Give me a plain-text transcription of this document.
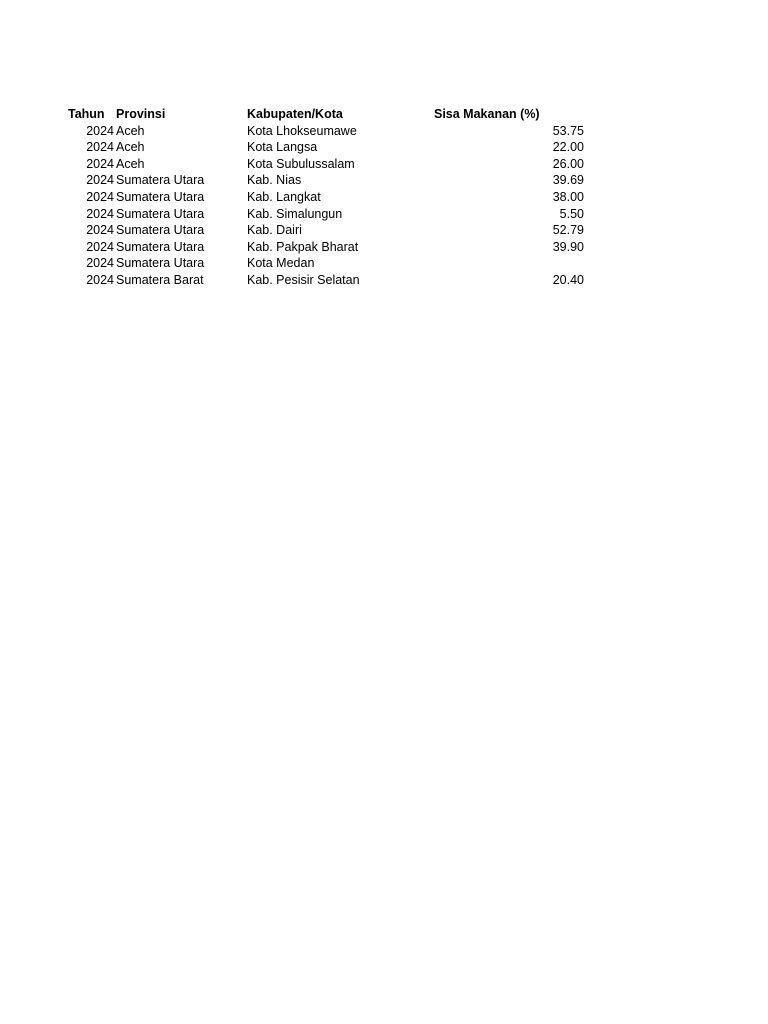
Tahun Provinsi	Kabupaten/Kota	Sisa Makanan (%)
2024 Aceh	Kota Lhokseumawe	53.75
2024 Aceh	Kota Langsa	22.00
2024 Aceh	Kota Subulussalam	26.00
2024 Sumatera Utara	Kab. Nias	39.69
2024 Sumatera Utara	Kab. Langkat	38.00
2024 Sumatera Utara	Kab. Simalungun	5.50
2024 Sumatera Utara	Kab. Dairi	52.79
2024 Sumatera Utara	Kab. Pakpak Bharat	39.90
2024 Sumatera Utara	Kota Medan
2024 Sumatera Barat	Kab. Pesisir Selatan	20.40
